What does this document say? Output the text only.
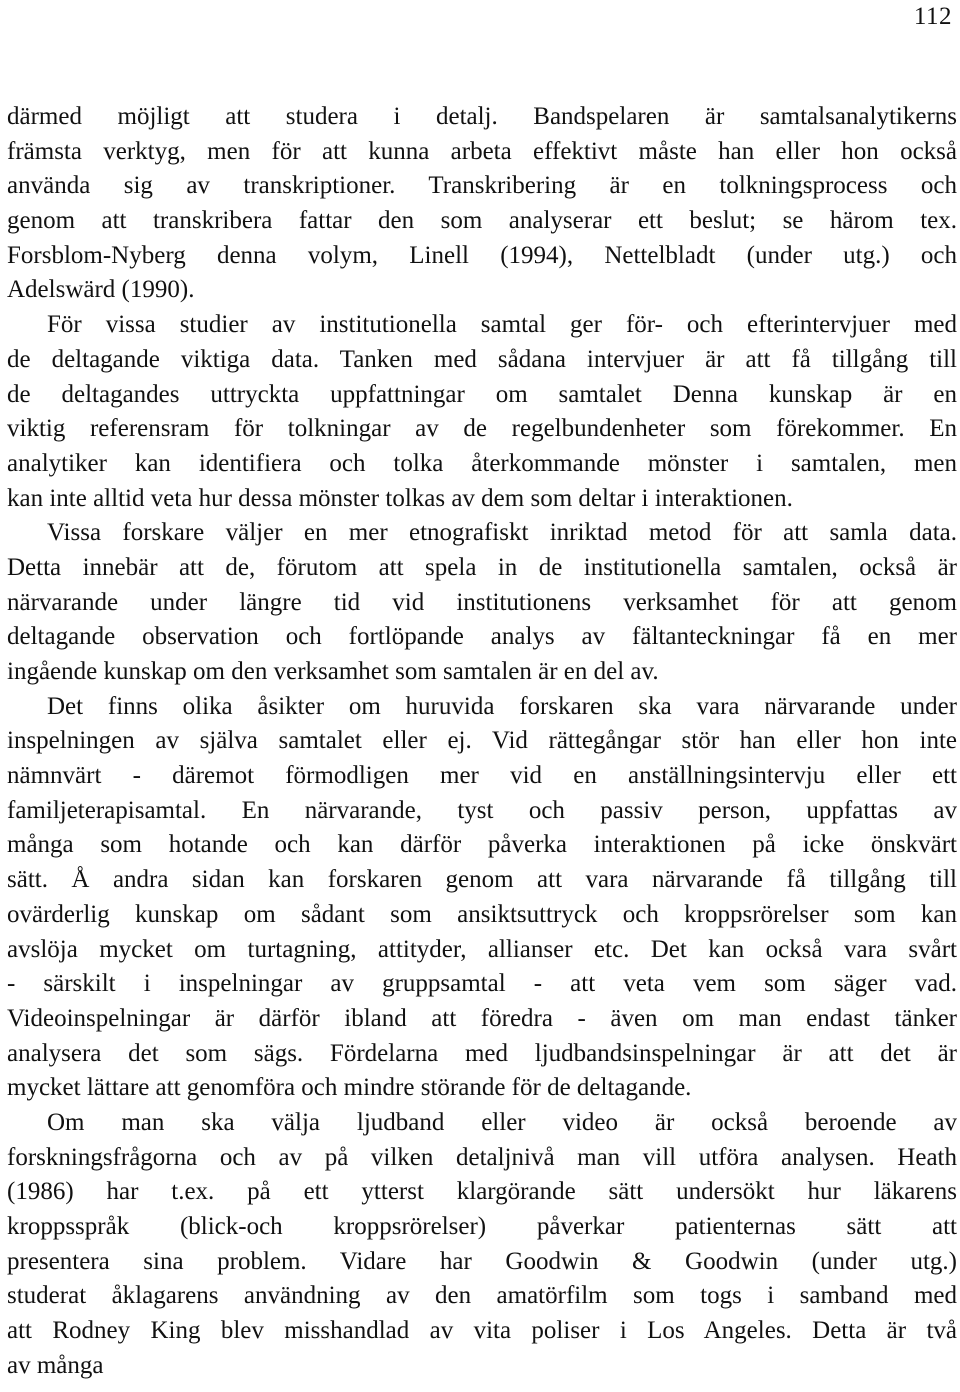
112
därmed möjligt att studera i detalj. Bandspelaren är samtalsanalytikerns
främsta verktyg, men för att kunna arbeta effektivt måste han eller hon också
använda sig av transkriptioner. Transkribering är en tolkningsprocess och
genom att transkribera fattar den som analyserar ett beslut; se härom tex.
Forsblom-Nyberg denna volym, Linell (1994), Nettelbladt (under utg.) och
Adelswärd (1990).
För vissa studier av institutionella samtal ger för- och efterintervjuer med
de deltagande viktiga data. Tanken med sådana intervjuer är att få tillgång till
de deltagandes uttryckta uppfattningar om samtalet Denna kunskap är en
viktig referensram för tolkningar av de regelbundenheter som förekommer. En
analytiker kan identifiera och tolka återkommande mönster i samtalen, men
kan inte alltid veta hur dessa mönster tolkas av dem som deltar i interaktionen.
Vissa forskare väljer en mer etnografiskt inriktad metod för att samla data.
Detta innebär att de, förutom att spela in de institutionella samtalen, också är
närvarande under längre tid vid institutionens verksamhet för att genom
deltagande observation och fortlöpande analys av fältanteckningar få en mer
ingående kunskap om den verksamhet som samtalen är en del av.
Det finns olika åsikter om huruvida forskaren ska vara närvarande under
inspelningen av själva samtalet eller ej. Vid rättegångar stör han eller hon inte
nämnvärt - däremot förmodligen mer vid en anställningsintervju eller ett
familjeterapisamtal. En närvarande, tyst och passiv person, uppfattas av
många som hotande och kan därför påverka interaktionen på icke önskvärt
sätt. Å andra sidan kan forskaren genom att vara närvarande få tillgång till
ovärderlig kunskap om sådant som ansiktsuttryck och kroppsrörelser som kan
avslöja mycket om turtagning, attityder, allianser etc. Det kan också vara svårt
- särskilt i inspelningar av gruppsamtal - att veta vem som säger vad.
Videoinspelningar är därför ibland att föredra - även om man endast tänker
analysera det som sägs. Fördelarna med ljudbandsinspelningar är att det är
mycket lättare att genomföra och mindre störande för de deltagande.
Om man ska välja ljudband eller video är också beroende av
forskningsfrågorna och av på vilken detaljnivå man vill utföra analysen. Heath
(1986) har t.ex. på ett ytterst klargörande sätt undersökt hur läkarens
kroppsspråk (blick-och kroppsrörelser) påverkar patienternas sätt att
presentera sina problem. Vidare har Goodwin & Goodwin (under utg.)
studerat åklagarens användning av den amatörfilm som togs i samband med
att Rodney King blev misshandlad av vita poliser i Los Angeles. Detta är två
av många
